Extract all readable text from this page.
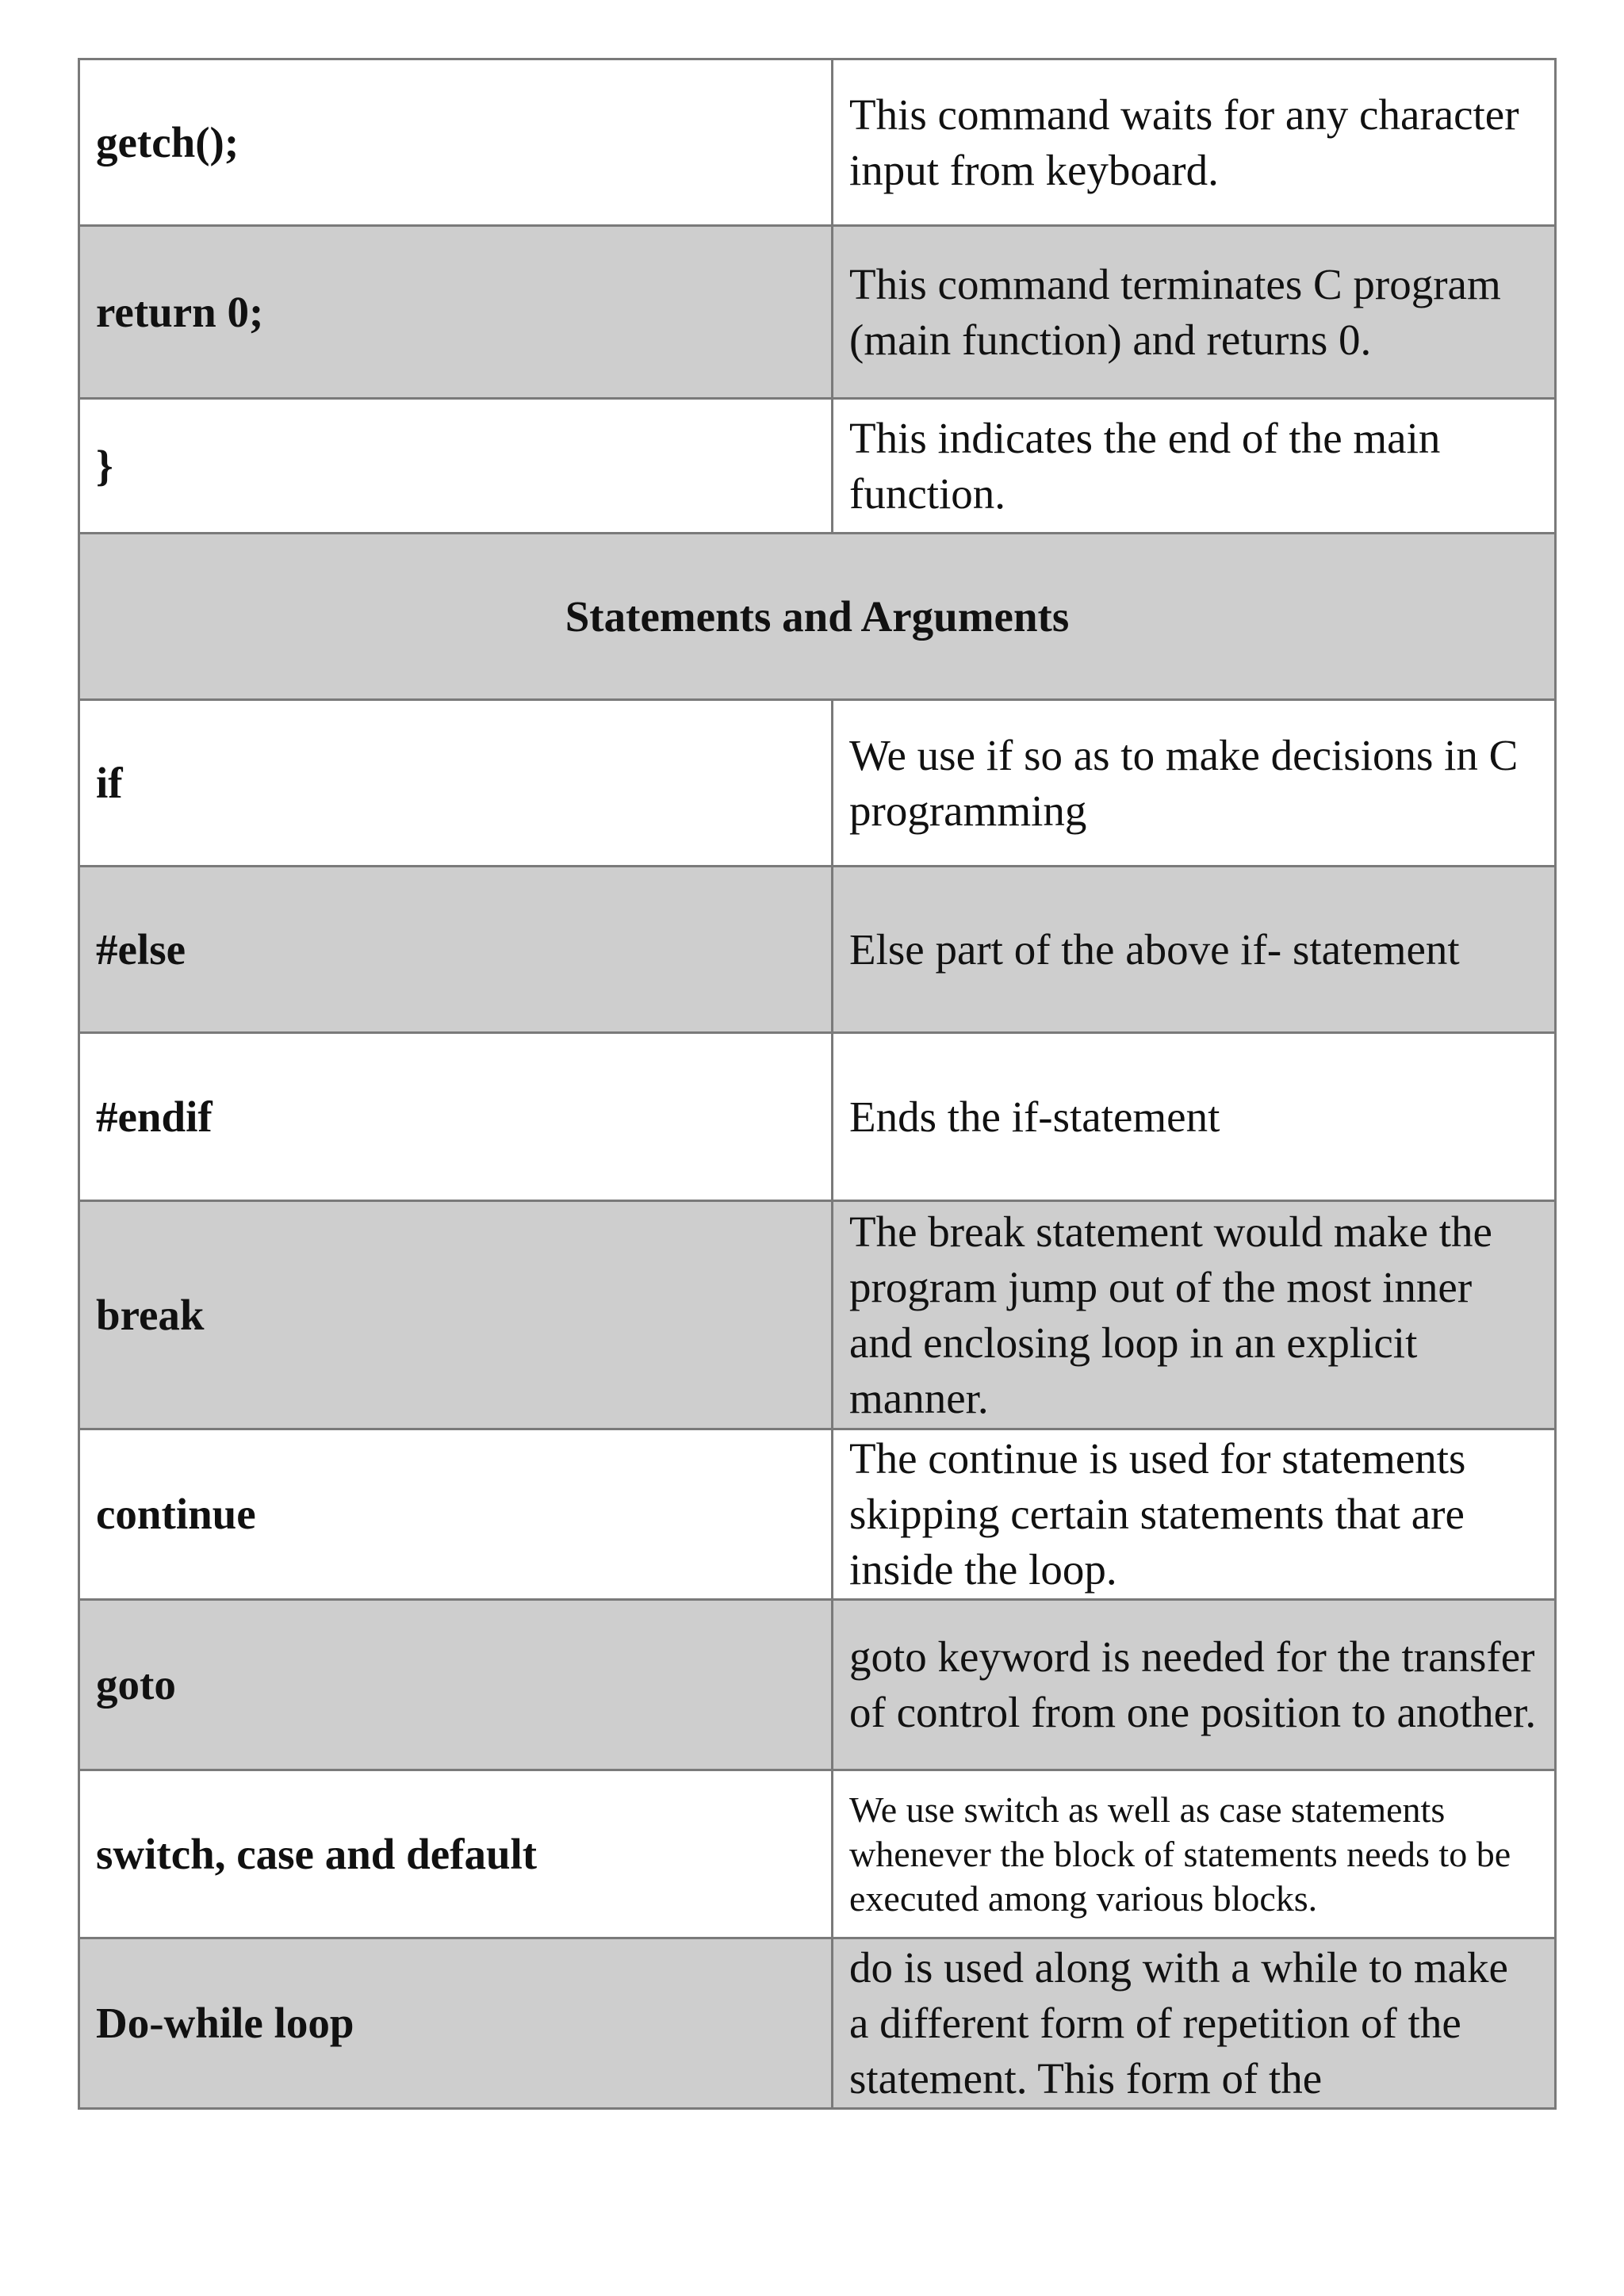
getch();	This command waits for any character input from keyboard.
return 0;	This command terminates C program (main function) and returns 0.
}	This indicates the end of the main function.
Statements and Arguments	
if	We use if so as to make decisions in C programming
#else	Else part of the above if- statement
#endif	Ends the if-statement
break	The break statement would make the program jump out of the most inner and enclosing loop in an explicit manner.
continue	The continue is used for statements skipping certain statements that are inside the loop.
goto	goto keyword is needed for the transfer of control from one position to another.
switch, case and default	We use switch as well as case statements whenever the block of statements needs to be executed among various blocks.
Do-while loop	do is used along with a while to make a different form of repetition of the statement. This form of the
